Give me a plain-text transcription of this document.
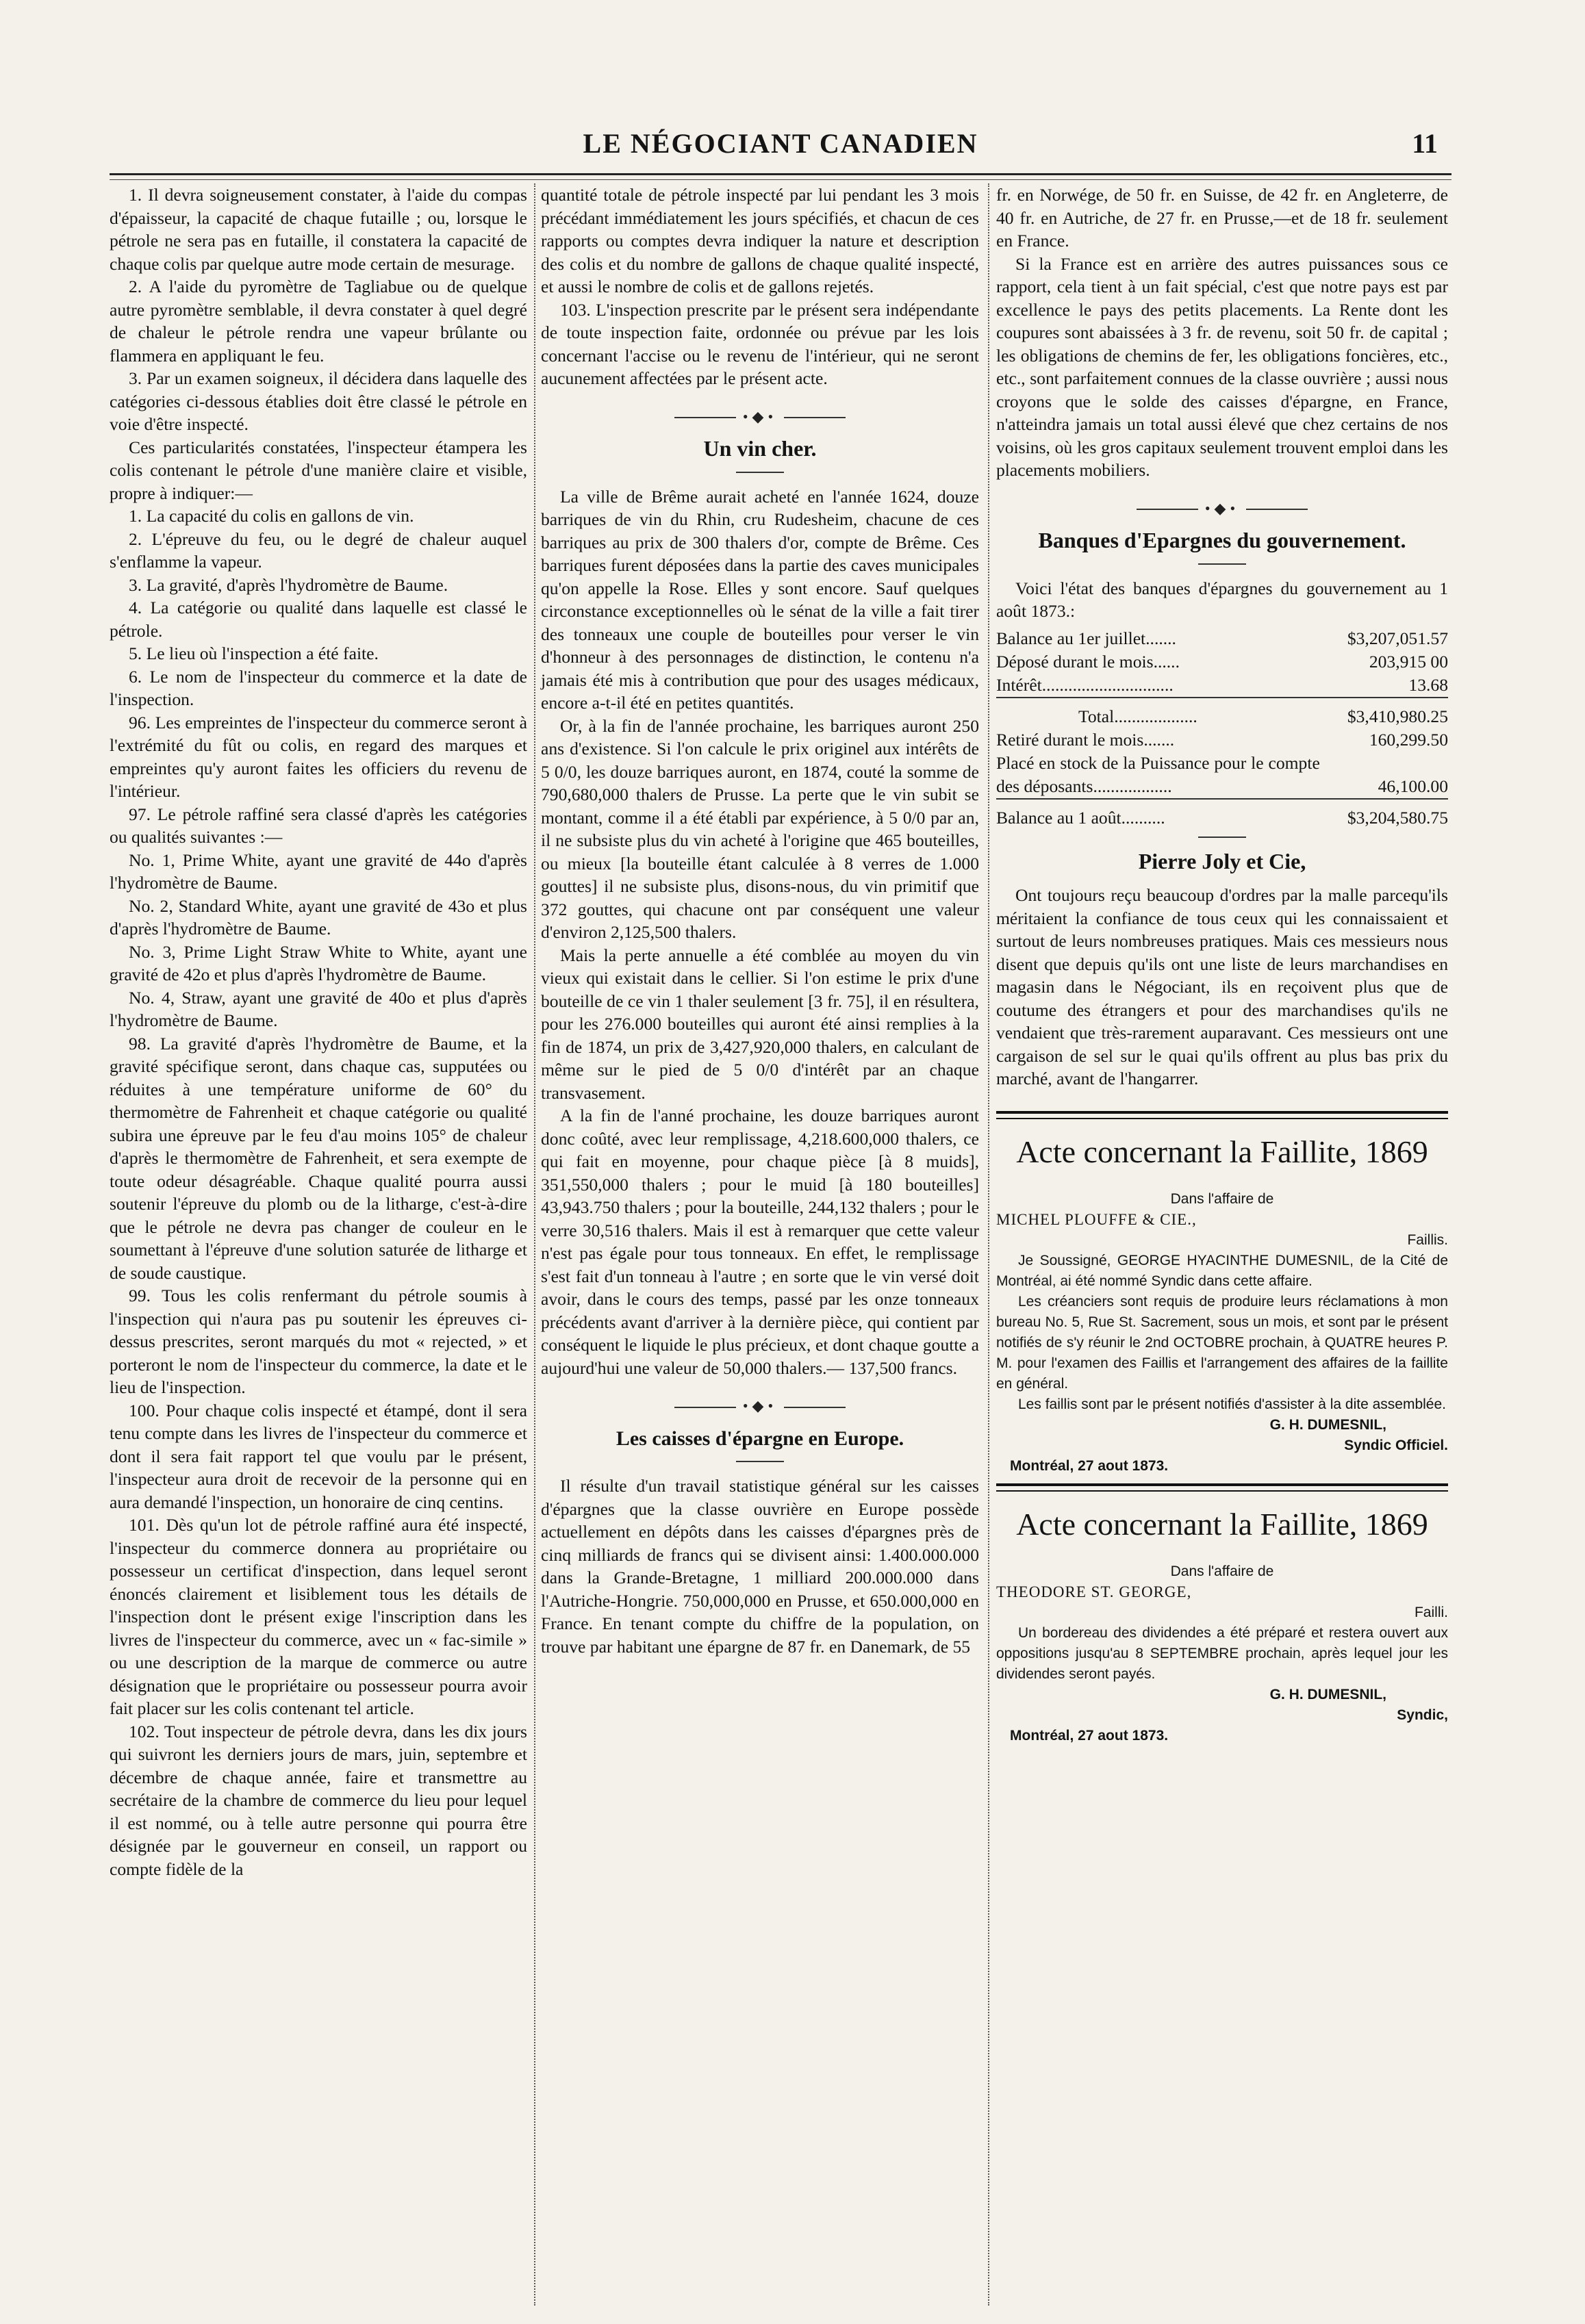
LE NÉGOCIANT CANADIEN	11

1. Il devra soigneusement constater, à l'aide du compas d'épaisseur, la capacité de chaque futaille ; ou, lorsque le pétrole ne sera pas en futaille, il constatera la capacité de chaque colis par quelque autre mode certain de mesurage.

2. A l'aide du pyromètre de Tagliabue ou de quelque autre pyromètre semblable, il devra constater à quel degré de chaleur le pétrole rendra une vapeur brûlante ou flammera en appliquant le feu.

3. Par un examen soigneux, il décidera dans laquelle des catégories ci-dessous établies doit être classé le pétrole en voie d'être inspecté.

Ces particularités constatées, l'inspecteur étampera les colis contenant le pétrole d'une manière claire et visible, propre à indiquer:—

1. La capacité du colis en gallons de vin.

2. L'épreuve du feu, ou le degré de chaleur auquel s'enflamme la vapeur.

3. La gravité, d'après l'hydromètre de Baume.

4. La catégorie ou qualité dans laquelle est classé le pétrole.

5. Le lieu où l'inspection a été faite.

6. Le nom de l'inspecteur du commerce et la date de l'inspection.

96. Les empreintes de l'inspecteur du commerce seront à l'extrémité du fût ou colis, en regard des marques et empreintes qu'y auront faites les officiers du revenu de l'intérieur.

97. Le pétrole raffiné sera classé d'après les catégories ou qualités suivantes :—

No. 1, Prime White, ayant une gravité de 44o d'après l'hydromètre de Baume.

No. 2, Standard White, ayant une gravité de 43o et plus d'après l'hydromètre de Baume.

No. 3, Prime Light Straw White to White, ayant une gravité de 42o et plus d'après l'hydromètre de Baume.

No. 4, Straw, ayant une gravité de 40o et plus d'après l'hydromètre de Baume.

98. La gravité d'après l'hydromètre de Baume, et la gravité spécifique seront, dans chaque cas, supputées ou réduites à une température uniforme de 60° du thermomètre de Fahrenheit et chaque catégorie ou qualité subira une épreuve par le feu d'au moins 105° de chaleur d'après le thermomètre de Fahrenheit, et sera exempte de toute odeur désagréable. Chaque qualité pourra aussi soutenir l'épreuve du plomb ou de la litharge, c'est-à-dire que le pétrole ne devra pas changer de couleur en le soumettant à l'épreuve d'une solution saturée de litharge et de soude caustique.

99. Tous les colis renfermant du pétrole soumis à l'inspection qui n'aura pas pu soutenir les épreuves ci-dessus prescrites, seront marqués du mot « rejected, » et porteront le nom de l'inspecteur du commerce, la date et le lieu de l'inspection.

100. Pour chaque colis inspecté et étampé, dont il sera tenu compte dans les livres de l'inspecteur du commerce et dont il sera fait rapport tel que voulu par le présent, l'inspecteur aura droit de recevoir de la personne qui en aura demandé l'inspection, un honoraire de cinq centins.

101. Dès qu'un lot de pétrole raffiné aura été inspecté, l'inspecteur du commerce donnera au propriétaire ou possesseur un certificat d'inspection, dans lequel seront énoncés clairement et lisiblement tous les détails de l'inspection dont le présent exige l'inscription dans les livres de l'inspecteur du commerce, avec un « fac-simile » ou une description de la marque de commerce ou autre désignation que le propriétaire ou possesseur pourra avoir fait placer sur les colis contenant tel article.

102. Tout inspecteur de pétrole devra, dans les dix jours qui suivront les derniers jours de mars, juin, septembre et décembre de chaque année, faire et transmettre au secrétaire de la chambre de commerce du lieu pour lequel il est nommé, ou à telle autre personne qui pourra être désignée par le gouverneur en conseil, un rapport ou compte fidèle de la

quantité totale de pétrole inspecté par lui pendant les 3 mois précédant immédiatement les jours spécifiés, et chacun de ces rapports ou comptes devra indiquer la nature et description des colis et du nombre de gallons de chaque qualité inspecté, et aussi le nombre de colis et de gallons rejetés.

103. L'inspection prescrite par le présent sera indépendante de toute inspection faite, ordonnée ou prévue par les lois concernant l'accise ou le revenu de l'intérieur, qui ne seront aucunement affectées par le présent acte.

•◆•
Un vin cher.

La ville de Brême aurait acheté en l'année 1624, douze barriques de vin du Rhin, cru Rudesheim, chacune de ces barriques au prix de 300 thalers d'or, compte de Brême. Ces barriques furent déposées dans la partie des caves municipales qu'on appelle la Rose. Elles y sont encore. Sauf quelques circonstance exceptionnelles où le sénat de la ville a fait tirer des tonneaux une couple de bouteilles pour verser le vin d'honneur à des personnages de distinction, le contenu n'a jamais été mis à contribution que pour des usages médicaux, encore a-t-il été en petites quantités.

Or, à la fin de l'année prochaine, les barriques auront 250 ans d'existence. Si l'on calcule le prix originel aux intérêts de 5 0/0, les douze barriques auront, en 1874, couté la somme de 790,680,000 thalers de Prusse. La perte que le vin subit se montant, comme il a été établi par expérience, à 5 0/0 par an, il ne subsiste plus du vin acheté à l'origine que 465 bouteilles, ou mieux [la bouteille étant calculée à 8 verres de 1.000 gouttes] il ne subsiste plus, disons-nous, du vin primitif que 372 gouttes, qui chacune ont par conséquent une valeur d'environ 2,125,500 thalers.

Mais la perte annuelle a été comblée au moyen du vin vieux qui existait dans le cellier. Si l'on estime le prix d'une bouteille de ce vin 1 thaler seulement [3 fr. 75], il en résultera, pour les 276.000 bouteilles qui auront été ainsi remplies à la fin de 1874, un prix de 3,427,920,000 thalers, en calculant de même sur le pied de 5 0/0 d'intérêt par an chaque transvasement.

A la fin de l'anné prochaine, les douze barriques auront donc coûté, avec leur remplissage, 4,218.600,000 thalers, ce qui fait en moyenne, pour chaque pièce [à 8 muids], 351,550,000 thalers ; pour le muid [à 180 bouteilles] 43,943.750 thalers ; pour la bouteille, 244,132 thalers ; pour le verre 30,516 thalers. Mais il est à remarquer que cette valeur n'est pas égale pour tous tonneaux. En effet, le remplissage s'est fait d'un tonneau à l'autre ; en sorte que le vin versé doit avoir, dans le cours des temps, passé par les onze tonneaux précédents avant d'arriver à la dernière pièce, qui contient par conséquent le liquide le plus précieux, et dont chaque goutte a aujourd'hui une valeur de 50,000 thalers.— 137,500 francs.

•◆•
Les caisses d'épargne en Europe.

Il résulte d'un travail statistique général sur les caisses d'épargnes que la classe ouvrière en Europe possède actuellement en dépôts dans les caisses d'épargnes près de cinq milliards de francs qui se divisent ainsi: 1.400.000.000 dans la Grande-Bretagne, 1 milliard 200.000.000 dans l'Autriche-Hongrie. 750,000,000 en Prusse, et 650.000,000 en France. En tenant compte du chiffre de la population, on trouve par habitant une épargne de 87 fr. en Danemark, de 55

fr. en Norwége, de 50 fr. en Suisse, de 42 fr. en Angleterre, de 40 fr. en Autriche, de 27 fr. en Prusse,—et de 18 fr. seulement en France.

Si la France est en arrière des autres puissances sous ce rapport, cela tient à un fait spécial, c'est que notre pays est par excellence le pays des petits placements. La Rente dont les coupures sont abaissées à 3 fr. de revenu, soit 50 fr. de capital ; les obligations de chemins de fer, les obligations foncières, etc., etc., sont parfaitement connues de la classe ouvrière ; aussi nous croyons que le solde des caisses d'épargne, en France, n'atteindra jamais un total aussi élevé que chez certains de nos voisins, où les gros capitaux seulement trouvent emploi dans les placements mobiliers.

•◆•
Banques d'Epargnes du gouvernement.

Voici l'état des banques d'épargnes du gouvernement au 1 août 1873.:

Balance au 1er juillet.......	$3,207,051.57
Déposé durant le mois......	203,915 00
Intérêt..............................	13.68
Total...................	$3,410,980.25
Retiré durant le mois.......	160,299.50
Placé en stock de la Puissance pour le compte des déposants..................	46,100.00
Balance au 1 août..........	$3,204,580.75
Pierre Joly et Cie,

Ont toujours reçu beaucoup d'ordres par la malle parcequ'ils méritaient la confiance de tous ceux qui les connaissaient et surtout de leurs nombreuses pratiques. Mais ces messieurs nous disent que depuis qu'ils ont une liste de leurs marchandises en magasin dans le Négociant, ils en reçoivent plus que de coutume des étrangers et pour des marchandises qu'ils ne vendaient que très-rarement auparavant. Ces messieurs ont une cargaison de sel sur le quai qu'ils offrent au plus bas prix du marché, avant de l'hangarrer.

Acte concernant la Faillite, 1869
Dans l'affaire de
MICHEL PLOUFFE & CIE.,
Faillis.

Je Soussigné, GEORGE HYACINTHE DUMESNIL, de la Cité de Montréal, ai été nommé Syndic dans cette affaire.

Les créanciers sont requis de produire leurs réclamations à mon bureau No. 5, Rue St. Sacrement, sous un mois, et sont par le présent notifiés de s'y réunir le 2nd OCTOBRE prochain, à QUATRE heures P. M. pour l'examen des Faillis et l'arrangement des affaires de la faillite en général.

Les faillis sont par le présent notifiés d'assister à la dite assemblée.

G. H. DUMESNIL,
Syndic Officiel.
Montréal, 27 aout 1873.
Acte concernant la Faillite, 1869
Dans l'affaire de
THEODORE ST. GEORGE,
Failli.

Un bordereau des dividendes a été préparé et restera ouvert aux oppositions jusqu'au 8 SEPTEMBRE prochain, après lequel jour les dividendes seront payés.

G. H. DUMESNIL,
Syndic,
Montréal, 27 aout 1873.
